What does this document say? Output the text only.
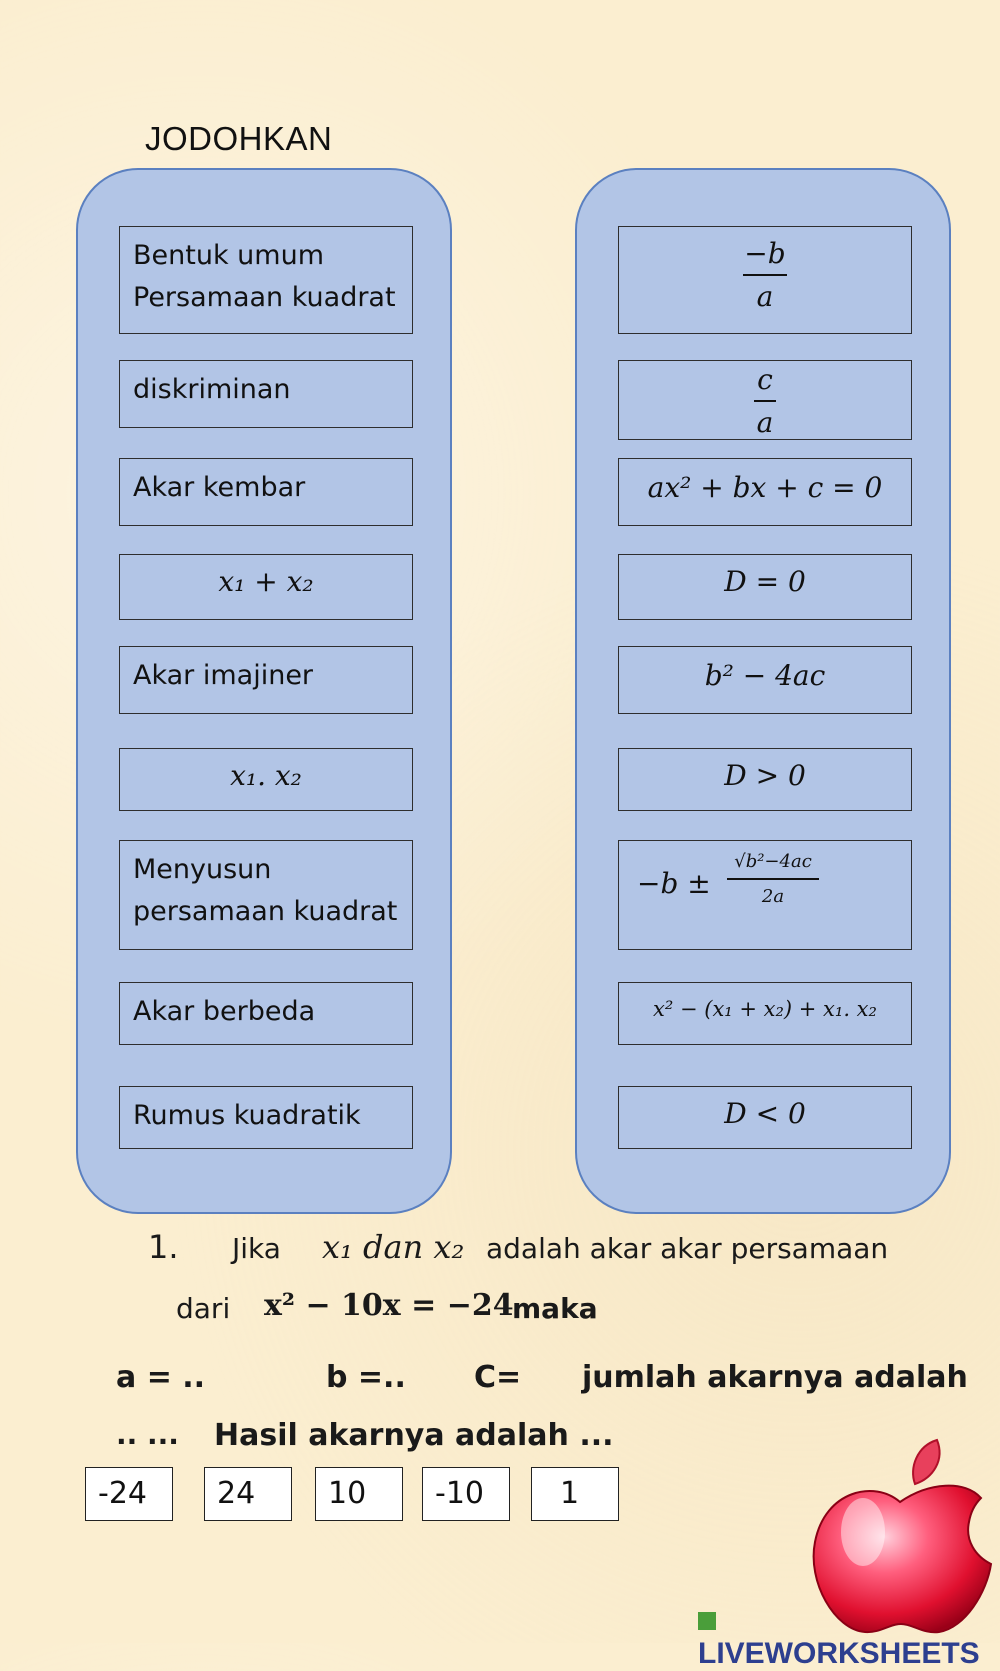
JODOHKAN
Bentuk umum
Persamaan kuadrat
diskriminan
Akar kembar
x₁ + x₂
Akar imajiner
x₁. x₂
Menyusun
persamaan kuadrat
Akar berbeda
Rumus kuadratik
−b
a
c
a
ax² + bx + c = 0
D = 0
b² − 4ac
D > 0
−b ±
√b²−4ac
2a
x² − (x₁ + x₂) + x₁. x₂
D < 0
1. Jika x₁ dan x₂ adalah akar akar persamaan
dari x² − 10x = −24
maka
a = ..	b =.. C= jumlah akarnya adalah
.. ... Hasil akarnya adalah ...
-24	24	10	-10	1
LIVEWORKSHEETS
